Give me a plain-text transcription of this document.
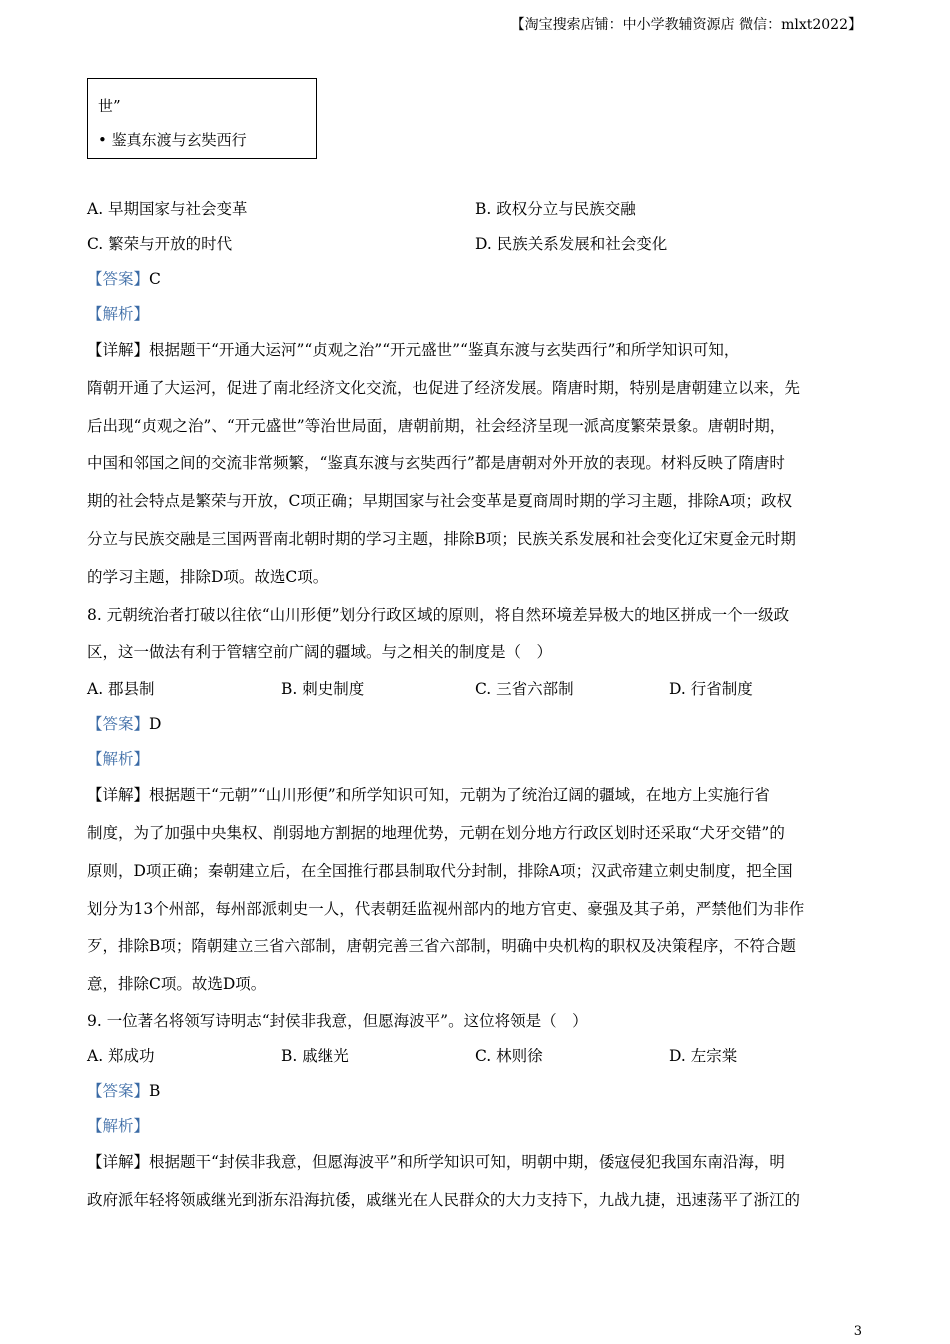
【淘宝搜索店铺：中小学教辅资源店 微信：mlxt2022】
世”
• 鉴真东渡与玄奘西行
A. 早期国家与社会变革	B. 政权分立与民族交融
C. 繁荣与开放的时代	D. 民族关系发展和社会变化
【答案】C
【解析】
【详解】根据题干“开通大运河”“贞观之治”“开元盛世”“鉴真东渡与玄奘西行”和所学知识可知，
隋朝开通了大运河，促进了南北经济文化交流，也促进了经济发展。隋唐时期，特别是唐朝建立以来，先
后出现“贞观之治”、“开元盛世”等治世局面，唐朝前期，社会经济呈现一派高度繁荣景象。唐朝时期，
中国和邻国之间的交流非常频繁，“鉴真东渡与玄奘西行”都是唐朝对外开放的表现。材料反映了隋唐时
期的社会特点是繁荣与开放，C项正确；早期国家与社会变革是夏商周时期的学习主题，排除A项；政权
分立与民族交融是三国两晋南北朝时期的学习主题，排除B项；民族关系发展和社会变化辽宋夏金元时期
的学习主题，排除D项。故选C项。
8. 元朝统治者打破以往依“山川形便”划分行政区域的原则，将自然环境差异极大的地区拼成一个一级政
区，这一做法有利于管辖空前广阔的疆域。与之相关的制度是（　）
A. 郡县制	B. 刺史制度	C. 三省六部制	D. 行省制度
【答案】D
【解析】
【详解】根据题干“元朝”“山川形便”和所学知识可知，元朝为了统治辽阔的疆域，在地方上实施行省
制度，为了加强中央集权、削弱地方割据的地理优势，元朝在划分地方行政区划时还采取“犬牙交错”的
原则，D项正确；秦朝建立后，在全国推行郡县制取代分封制，排除A项；汉武帝建立刺史制度，把全国
划分为13个州部，每州部派刺史一人，代表朝廷监视州部内的地方官吏、豪强及其子弟，严禁他们为非作
歹，排除B项；隋朝建立三省六部制，唐朝完善三省六部制，明确中央机构的职权及决策程序，不符合题
意，排除C项。故选D项。
9. 一位著名将领写诗明志“封侯非我意，但愿海波平”。这位将领是（　）
A. 郑成功	B. 戚继光	C. 林则徐	D. 左宗棠
【答案】B
【解析】
【详解】根据题干“封侯非我意，但愿海波平”和所学知识可知，明朝中期，倭寇侵犯我国东南沿海，明
政府派年轻将领戚继光到浙东沿海抗倭，戚继光在人民群众的大力支持下，九战九捷，迅速荡平了浙江的
3
